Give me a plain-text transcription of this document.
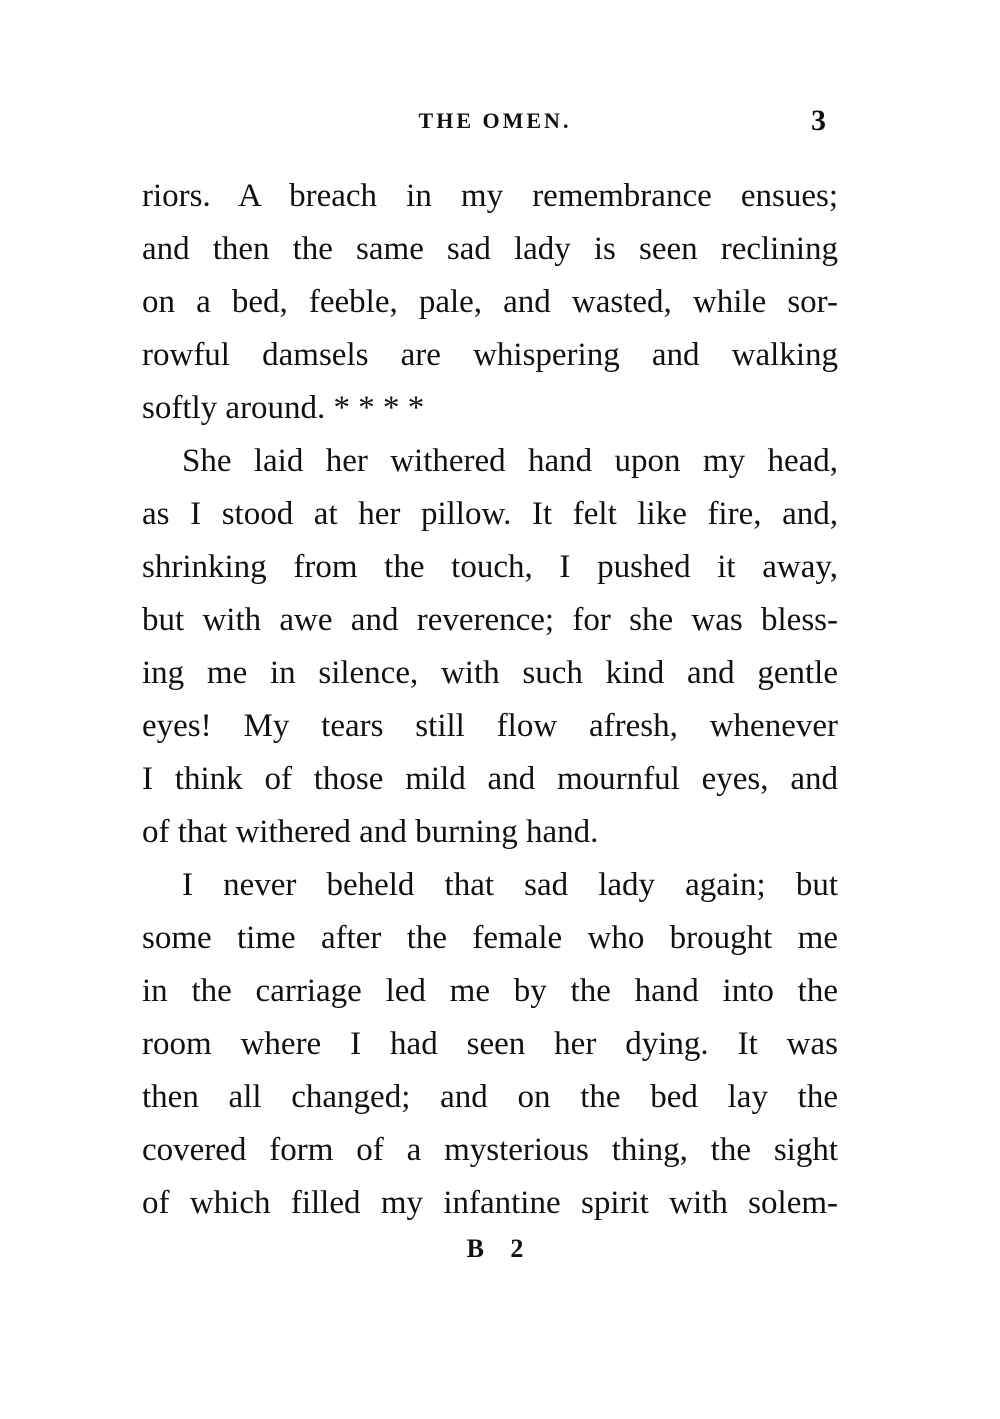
THE OMEN.	3
riors. A breach in my remembrance ensues;
and then the same sad lady is seen reclining
on a bed, feeble, pale, and wasted, while sor-
rowful damsels are whispering and walking
softly around. * * * *
She laid her withered hand upon my head,
as I stood at her pillow. It felt like fire, and,
shrinking from the touch, I pushed it away,
but with awe and reverence; for she was bless-
ing me in silence, with such kind and gentle
eyes! My tears still flow afresh, whenever
I think of those mild and mournful eyes, and
of that withered and burning hand.
I never beheld that sad lady again; but
some time after the female who brought me
in the carriage led me by the hand into the
room where I had seen her dying. It was
then all changed; and on the bed lay the
covered form of a mysterious thing, the sight
of which filled my infantine spirit with solem-
B 2
